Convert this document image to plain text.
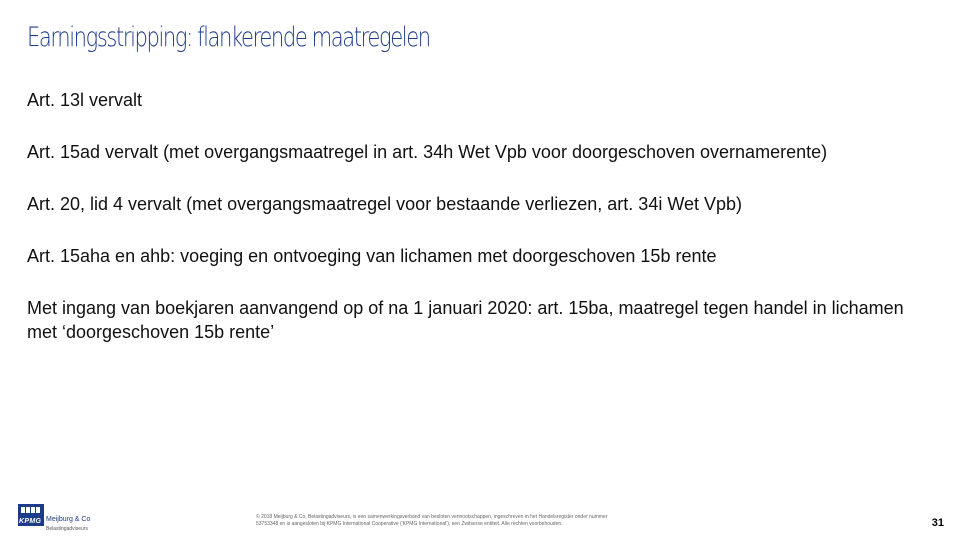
Earningsstripping: flankerende maatregelen

Art. 13l vervalt

Art. 15ad vervalt (met overgangsmaatregel in art. 34h Wet Vpb voor doorgeschoven overnamerente)

Art. 20, lid 4 vervalt (met overgangsmaatregel voor bestaande verliezen, art. 34i Wet Vpb)

Art. 15aha en ahb: voeging en ontvoeging van lichamen met doorgeschoven 15b rente

Met ingang van boekjaren aanvangend op of na 1 januari 2020: art. 15ba, maatregel tegen handel in lichamen met ‘doorgeschoven 15b rente’

KPMG Meijburg & Co
Belastingadviseurs
© 2018 Meijburg & Co, Belastingadviseurs, is een samenwerkingsverband van besloten vennootschappen, ingeschreven in het Handelsregister onder nummer
53753348 en is aangesloten bij KPMG International Cooperative ('KPMG International'), een Zwitserse entiteit. Alle rechten voorbehouden.	31
